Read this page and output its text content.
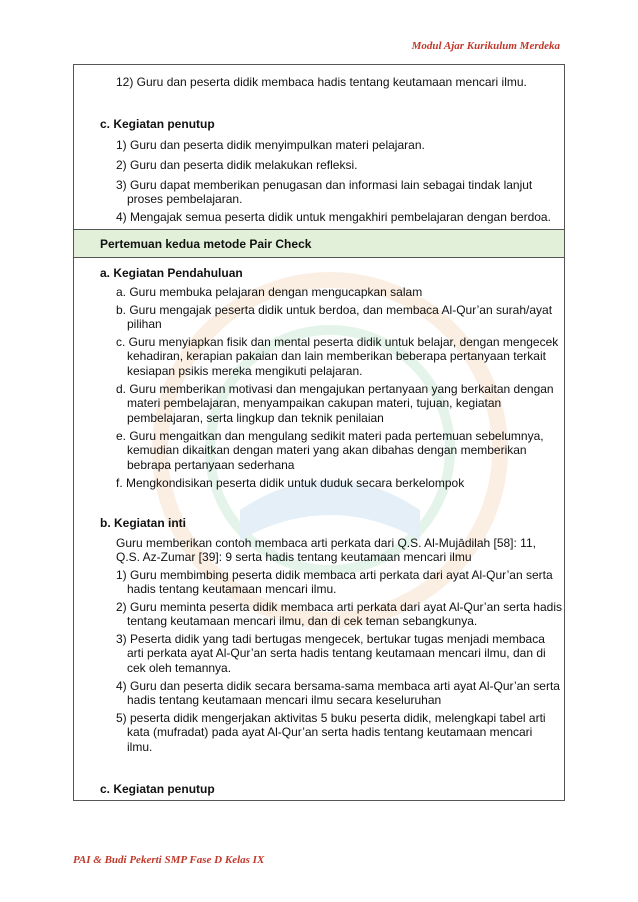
Modul Ajar Kurikulum Merdeka
12) Guru dan peserta didik membaca hadis tentang keutamaan mencari ilmu.
c. Kegiatan penutup
1) Guru dan peserta didik menyimpulkan materi pelajaran.
2) Guru dan peserta didik melakukan refleksi.
3) Guru dapat memberikan penugasan dan informasi lain sebagai tindak lanjut
proses pembelajaran.
4) Mengajak semua peserta didik untuk mengakhiri pembelajaran dengan berdoa.
Pertemuan kedua metode Pair Check
a. Kegiatan Pendahuluan
a. Guru membuka pelajaran dengan mengucapkan salam
b. Guru mengajak peserta didik untuk berdoa, dan membaca Al-Qur’an surah/ayat
pilihan
c. Guru menyiapkan fisik dan mental peserta didik untuk belajar, dengan mengecek
kehadiran, kerapian pakaian dan lain memberikan beberapa pertanyaan terkait
kesiapan psikis mereka mengikuti pelajaran.
d. Guru memberikan motivasi dan mengajukan pertanyaan yang berkaitan dengan
materi pembelajaran, menyampaikan cakupan materi, tujuan, kegiatan
pembelajaran, serta lingkup dan teknik penilaian
e. Guru mengaitkan dan mengulang sedikit materi pada pertemuan sebelumnya,
kemudian dikaitkan dengan materi yang akan dibahas dengan memberikan
bebrapa pertanyaan sederhana
f. Mengkondisikan peserta didik untuk duduk secara berkelompok
b. Kegiatan inti
Guru memberikan contoh membaca arti perkata dari Q.S. Al-Mujādilah [58]: 11,
Q.S. Az-Zumar [39]: 9 serta hadis tentang keutamaan mencari ilmu
1) Guru membimbing peserta didik membaca arti perkata dari ayat Al-Qur’an serta
hadis tentang keutamaan mencari ilmu.
2) Guru meminta peserta didik membaca arti perkata dari ayat Al-Qur’an serta hadis
tentang keutamaan mencari ilmu, dan di cek teman sebangkunya.
3) Peserta didik yang tadi bertugas mengecek, bertukar tugas menjadi membaca
arti perkata ayat Al-Qur’an serta hadis tentang keutamaan mencari ilmu, dan di
cek oleh temannya.
4) Guru dan peserta didik secara bersama-sama membaca arti ayat Al-Qur’an serta
hadis tentang keutamaan mencari ilmu secara keseluruhan
5) peserta didik mengerjakan aktivitas 5 buku peserta didik, melengkapi tabel arti
kata (mufradat) pada ayat Al-Qur’an serta hadis tentang keutamaan mencari
ilmu.
c. Kegiatan penutup
PAI & Budi Pekerti SMP Fase D Kelas IX
